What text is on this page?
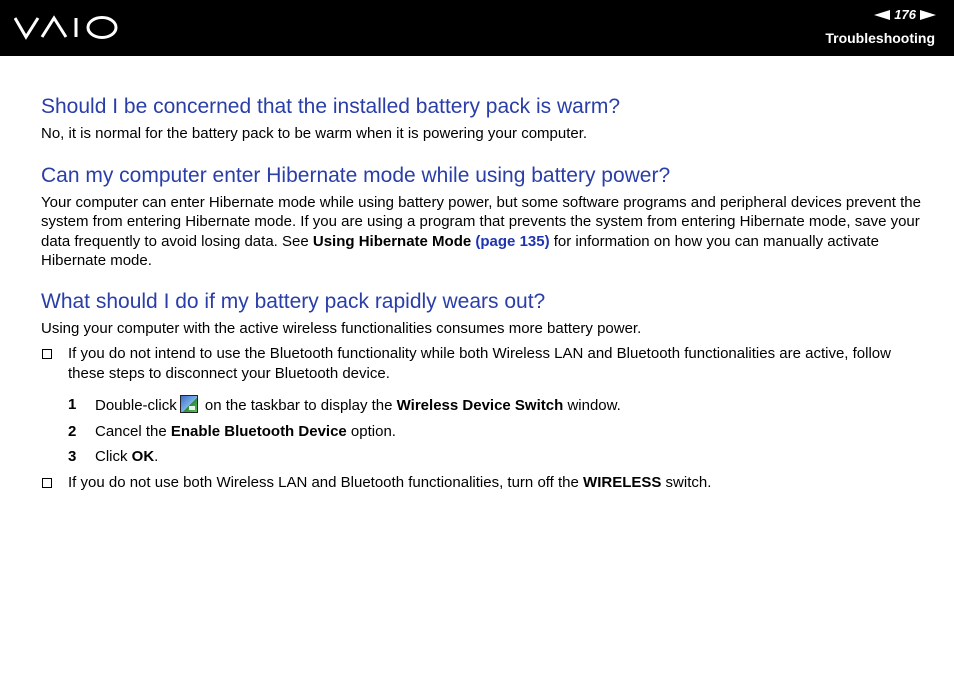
176
Troubleshooting
Should I be concerned that the installed battery pack is warm?

No, it is normal for the battery pack to be warm when it is powering your computer.

Can my computer enter Hibernate mode while using battery power?

Your computer can enter Hibernate mode while using battery power, but some software programs and peripheral devices prevent the system from entering Hibernate mode. If you are using a program that prevents the system from entering Hibernate mode, save your data frequently to avoid losing data. See Using Hibernate Mode (page 135) for information on how you can manually activate Hibernate mode.

What should I do if my battery pack rapidly wears out?

Using your computer with the active wireless functionalities consumes more battery power.

If you do not intend to use the Bluetooth functionality while both Wireless LAN and Bluetooth functionalities are active, follow these steps to disconnect your Bluetooth device.
1 Double-click on the taskbar to display the Wireless Device Switch window.
2 Cancel the Enable Bluetooth Device option.
3 Click OK.
If you do not use both Wireless LAN and Bluetooth functionalities, turn off the WIRELESS switch.
